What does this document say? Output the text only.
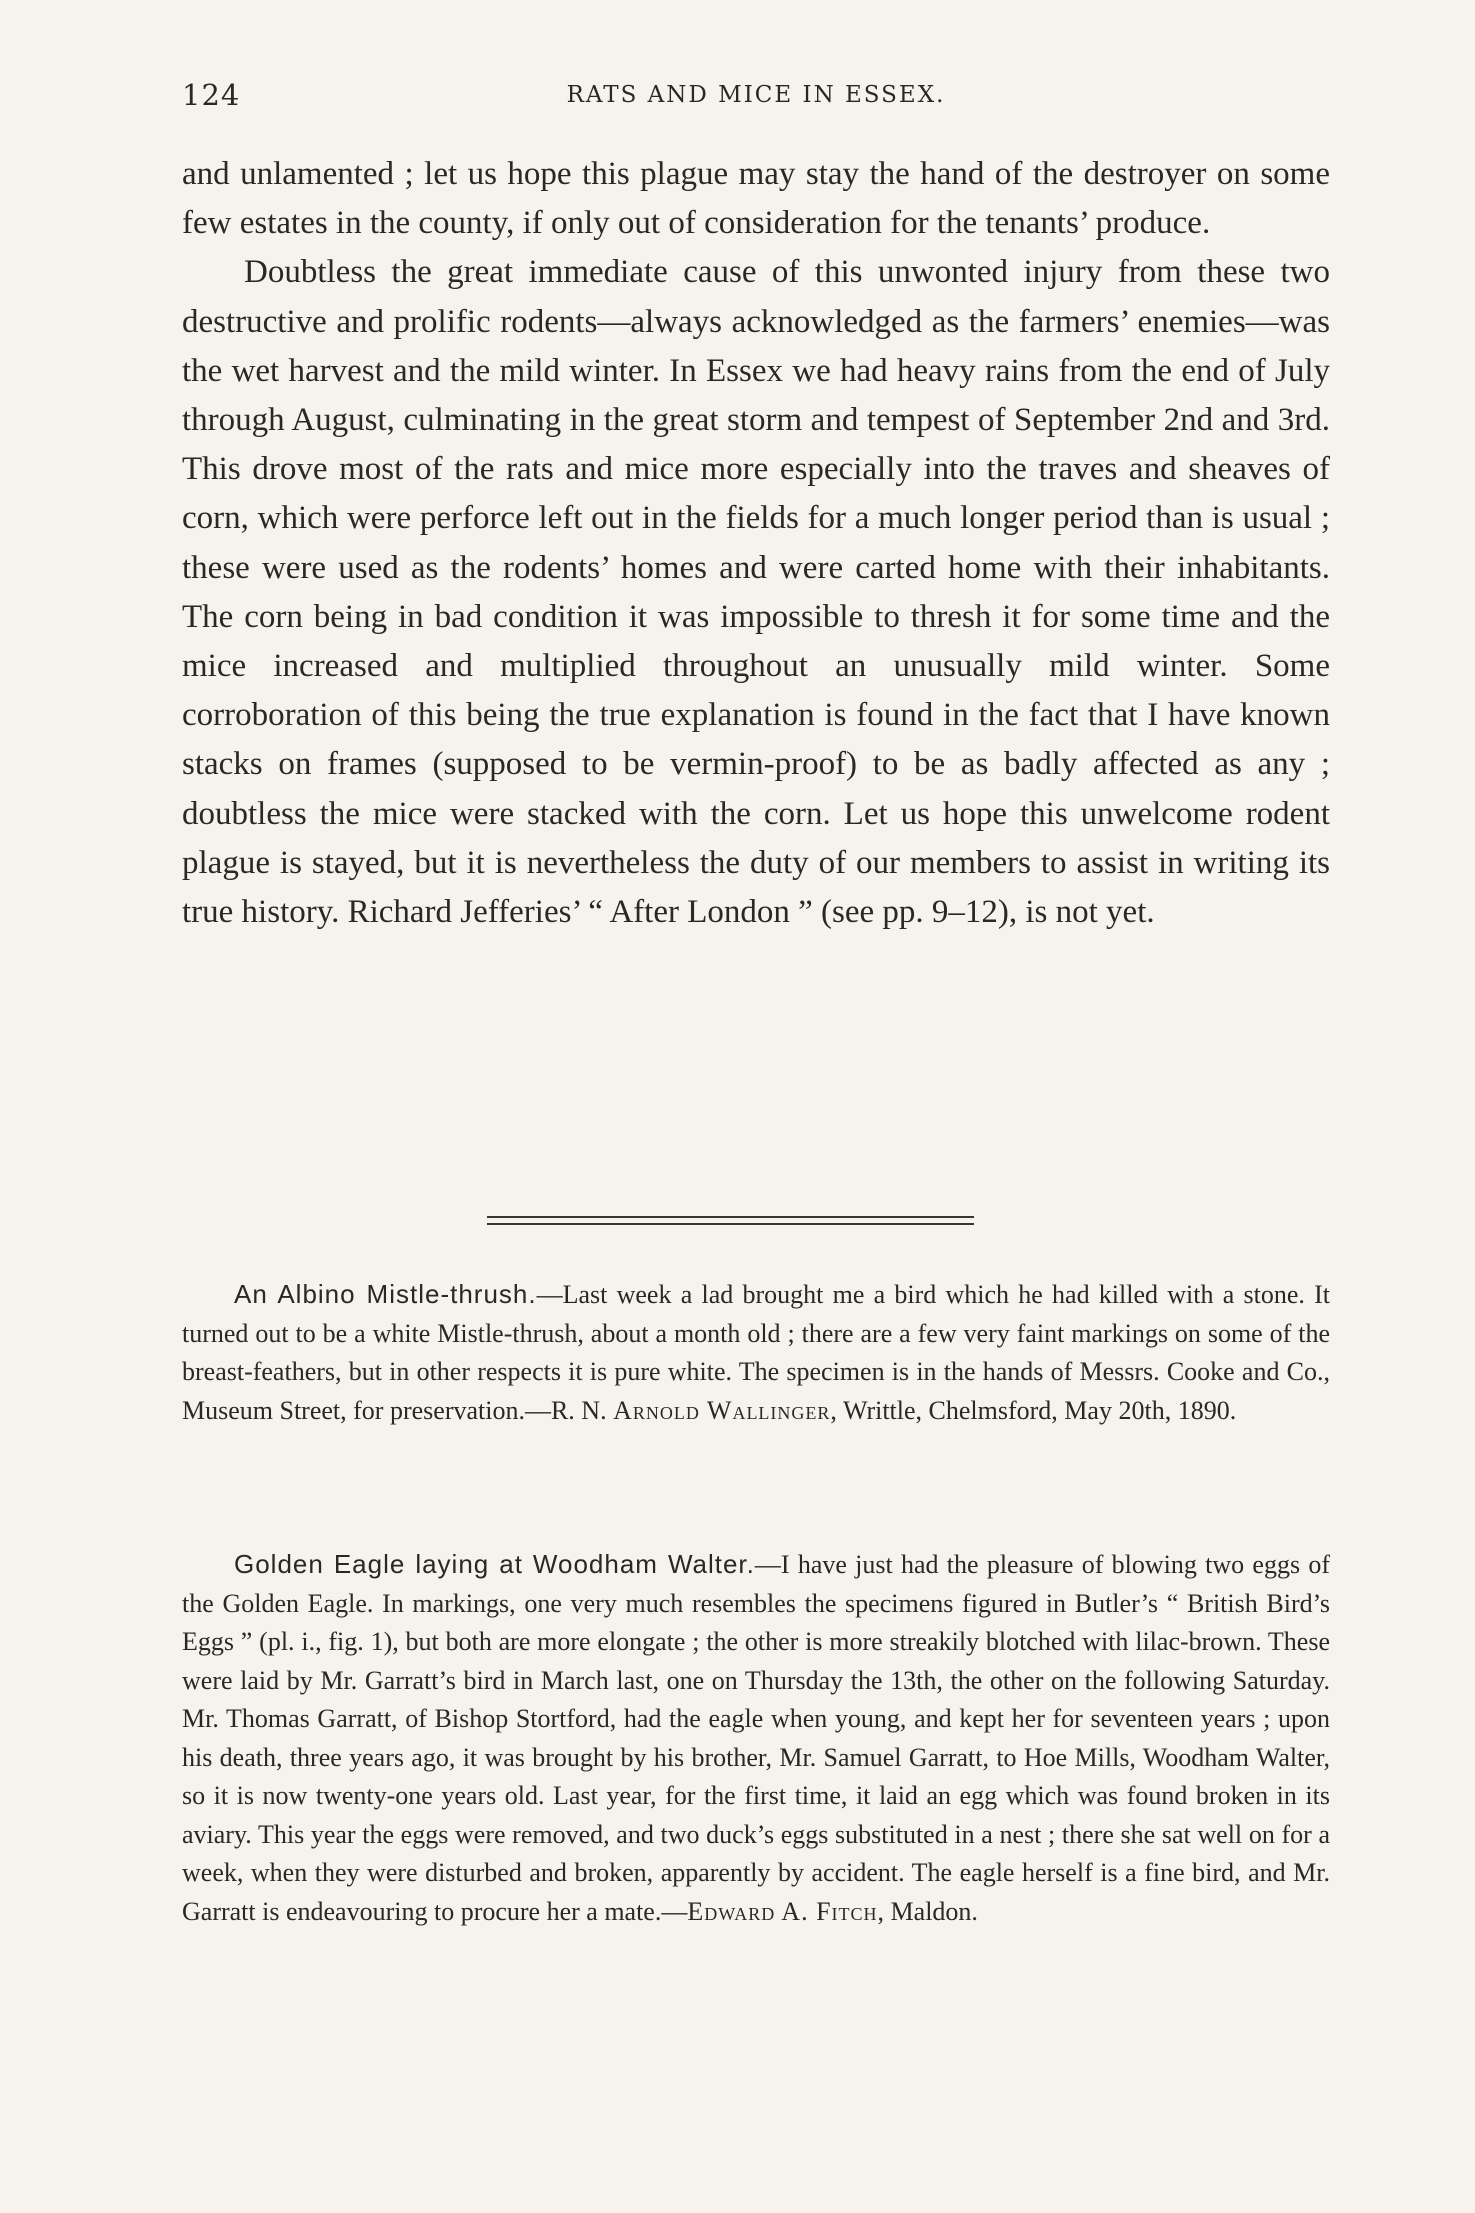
124	RATS AND MICE IN ESSEX.

and unlamented ; let us hope this plague may stay the hand of the destroyer on some few estates in the county, if only out of consideration for the tenants’ produce.

Doubtless the great immediate cause of this unwonted injury from these two destructive and prolific rodents—always acknowledged as the farmers’ enemies—was the wet harvest and the mild winter. In Essex we had heavy rains from the end of July through August, culminating in the great storm and tempest of September 2nd and 3rd. This drove most of the rats and mice more especially into the traves and sheaves of corn, which were perforce left out in the fields for a much longer period than is usual ; these were used as the rodents’ homes and were carted home with their inhabitants. The corn being in bad condition it was impossible to thresh it for some time and the mice increased and multiplied throughout an unusually mild winter. Some corroboration of this being the true explanation is found in the fact that I have known stacks on frames (supposed to be vermin-proof) to be as badly affected as any ; doubtless the mice were stacked with the corn. Let us hope this unwelcome rodent plague is stayed, but it is nevertheless the duty of our members to assist in writing its true history. Richard Jefferies’ “ After London ” (see pp. 9–12), is not yet.

An Albino Mistle-thrush.—Last week a lad brought me a bird which he had killed with a stone. It turned out to be a white Mistle-thrush, about a month old ; there are a few very faint markings on some of the breast-feathers, but in other respects it is pure white. The specimen is in the hands of Messrs. Cooke and Co., Museum Street, for preservation.—R. N. Arnold Wallinger, Writtle, Chelmsford, May 20th, 1890.

Golden Eagle laying at Woodham Walter.—I have just had the pleasure of blowing two eggs of the Golden Eagle. In markings, one very much resembles the specimens figured in Butler’s “ British Bird’s Eggs ” (pl. i., fig. 1), but both are more elongate ; the other is more streakily blotched with lilac-brown. These were laid by Mr. Garratt’s bird in March last, one on Thursday the 13th, the other on the following Saturday. Mr. Thomas Garratt, of Bishop Stortford, had the eagle when young, and kept her for seventeen years ; upon his death, three years ago, it was brought by his brother, Mr. Samuel Garratt, to Hoe Mills, Woodham Walter, so it is now twenty-one years old. Last year, for the first time, it laid an egg which was found broken in its aviary. This year the eggs were removed, and two duck’s eggs substituted in a nest ; there she sat well on for a week, when they were disturbed and broken, apparently by accident. The eagle herself is a fine bird, and Mr. Garratt is endeavouring to procure her a mate.—Edward A. Fitch, Maldon.
